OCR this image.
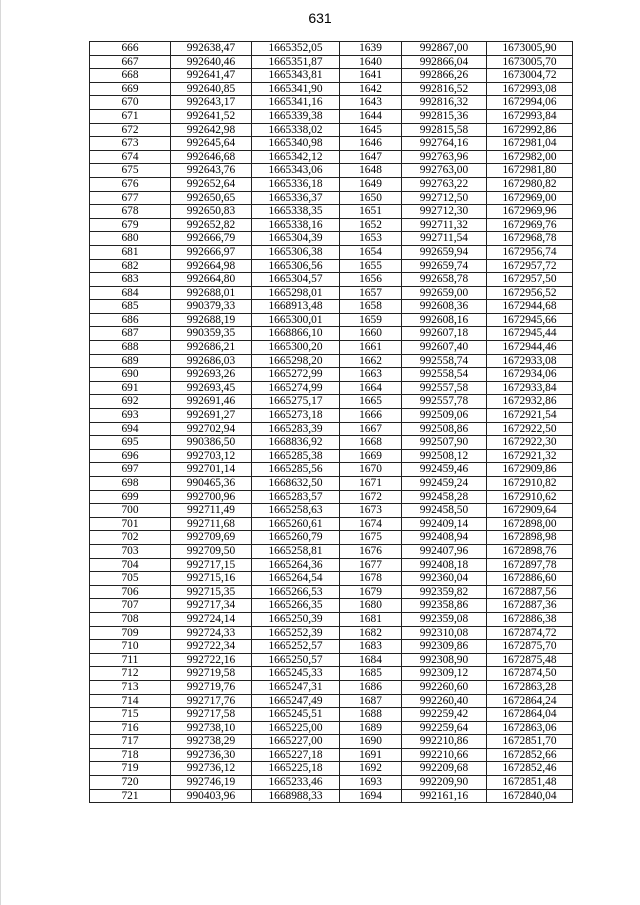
631
666	992638,47	1665352,05	1639	992867,00	1673005,90
667	992640,46	1665351,87	1640	992866,04	1673005,70
668	992641,47	1665343,81	1641	992866,26	1673004,72
669	992640,85	1665341,90	1642	992816,52	1672993,08
670	992643,17	1665341,16	1643	992816,32	1672994,06
671	992641,52	1665339,38	1644	992815,36	1672993,84
672	992642,98	1665338,02	1645	992815,58	1672992,86
673	992645,64	1665340,98	1646	992764,16	1672981,04
674	992646,68	1665342,12	1647	992763,96	1672982,00
675	992643,76	1665343,06	1648	992763,00	1672981,80
676	992652,64	1665336,18	1649	992763,22	1672980,82
677	992650,65	1665336,37	1650	992712,50	1672969,00
678	992650,83	1665338,35	1651	992712,30	1672969,96
679	992652,82	1665338,16	1652	992711,32	1672969,76
680	992666,79	1665304,39	1653	992711,54	1672968,78
681	992666,97	1665306,38	1654	992659,94	1672956,74
682	992664,98	1665306,56	1655	992659,74	1672957,72
683	992664,80	1665304,57	1656	992658,78	1672957,50
684	992688,01	1665298,01	1657	992659,00	1672956,52
685	990379,33	1668913,48	1658	992608,36	1672944,68
686	992688,19	1665300,01	1659	992608,16	1672945,66
687	990359,35	1668866,10	1660	992607,18	1672945,44
688	992686,21	1665300,20	1661	992607,40	1672944,46
689	992686,03	1665298,20	1662	992558,74	1672933,08
690	992693,26	1665272,99	1663	992558,54	1672934,06
691	992693,45	1665274,99	1664	992557,58	1672933,84
692	992691,46	1665275,17	1665	992557,78	1672932,86
693	992691,27	1665273,18	1666	992509,06	1672921,54
694	992702,94	1665283,39	1667	992508,86	1672922,50
695	990386,50	1668836,92	1668	992507,90	1672922,30
696	992703,12	1665285,38	1669	992508,12	1672921,32
697	992701,14	1665285,56	1670	992459,46	1672909,86
698	990465,36	1668632,50	1671	992459,24	1672910,82
699	992700,96	1665283,57	1672	992458,28	1672910,62
700	992711,49	1665258,63	1673	992458,50	1672909,64
701	992711,68	1665260,61	1674	992409,14	1672898,00
702	992709,69	1665260,79	1675	992408,94	1672898,98
703	992709,50	1665258,81	1676	992407,96	1672898,76
704	992717,15	1665264,36	1677	992408,18	1672897,78
705	992715,16	1665264,54	1678	992360,04	1672886,60
706	992715,35	1665266,53	1679	992359,82	1672887,56
707	992717,34	1665266,35	1680	992358,86	1672887,36
708	992724,14	1665250,39	1681	992359,08	1672886,38
709	992724,33	1665252,39	1682	992310,08	1672874,72
710	992722,34	1665252,57	1683	992309,86	1672875,70
711	992722,16	1665250,57	1684	992308,90	1672875,48
712	992719,58	1665245,33	1685	992309,12	1672874,50
713	992719,76	1665247,31	1686	992260,60	1672863,28
714	992717,76	1665247,49	1687	992260,40	1672864,24
715	992717,58	1665245,51	1688	992259,42	1672864,04
716	992738,10	1665225,00	1689	992259,64	1672863,06
717	992738,29	1665227,00	1690	992210,86	1672851,70
718	992736,30	1665227,18	1691	992210,66	1672852,66
719	992736,12	1665225,18	1692	992209,68	1672852,46
720	992746,19	1665233,46	1693	992209,90	1672851,48
721	990403,96	1668988,33	1694	992161,16	1672840,04
